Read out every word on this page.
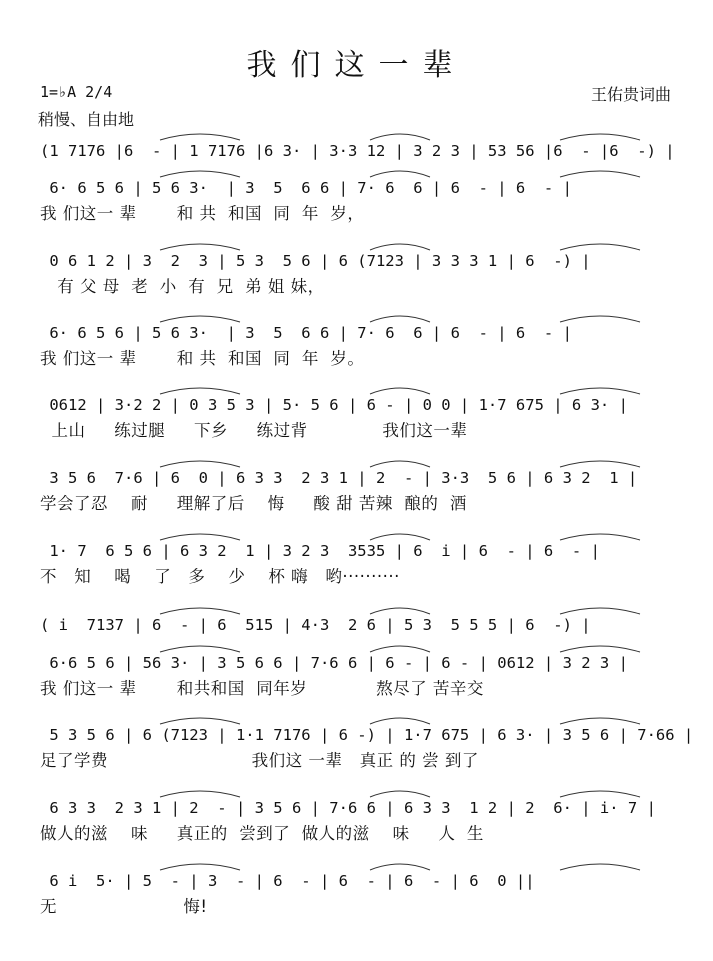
我们这一辈
1=♭A 2/4
稍慢、自由地
王佑贵词曲
(1 7176 |6  - | 1 7176 |6 3· | 3·3 12 | 3 2 3 | 53 56 |6  - |6  -) |
6· 6 5 6 | 5 6 3·  | 3  5  6 6 | 7· 6  6 | 6  - | 6  - |
我 们这一 辈       和 共  和国  同  年  岁，
0 6 1 2 | 3  2  3 | 5 3  5 6 | 6 (7123 | 3 3 3 1 | 6  -) |
有 父 母  老  小  有  兄  弟 姐 妹，
6· 6 5 6 | 5 6 3·  | 3  5  6 6 | 7· 6  6 | 6  - | 6  - |
我 们这一 辈       和 共  和国  同  年  岁。
0612 | 3·2 2 | 0 3 5 3 | 5· 5 6 | 6 - | 0 0 | 1·7 675 | 6 3· |
上山     练过腿     下乡     练过背             我们这一辈
3 5 6  7·6 | 6  0 | 6 3 3  2 3 1 | 2  - | 3·3  5 6 | 6 3 2  1 |
学会了忍    耐     理解了后    悔     酸 甜 苦辣  酿的  酒
1· 7  6 5 6 | 6 3 2  1 | 3 2 3  3535 | 6  i | 6  - | 6  - |
不   知    喝    了   多    少    杯 嗨   哟··········
( i  7137 | 6  - | 6  515 | 4·3  2 6 | 5 3  5 5 5 | 6  -) |
6·6 5 6 | 56 3· | 3 5 6 6 | 7·6 6 | 6 - | 6 - | 0612 | 3 2 3 |
我 们这一 辈       和共和国  同年岁            熬尽了 苦辛交
5 3 5 6 | 6 (7123 | 1·1 7176 | 6 -) | 1·7 675 | 6 3· | 3 5 6 | 7·66 |
足了学费                         我们这 一辈   真正 的 尝 到了
6 3 3  2 3 1 | 2  - | 3 5 6 | 7·6 6 | 6 3 3  1 2 | 2  6· | i· 7 |
做人的滋    味     真正的  尝到了  做人的滋    味     人  生
6 i  5· | 5  - | 3  - | 6  - | 6  - | 6  - | 6  0 ||
无                      悔!
